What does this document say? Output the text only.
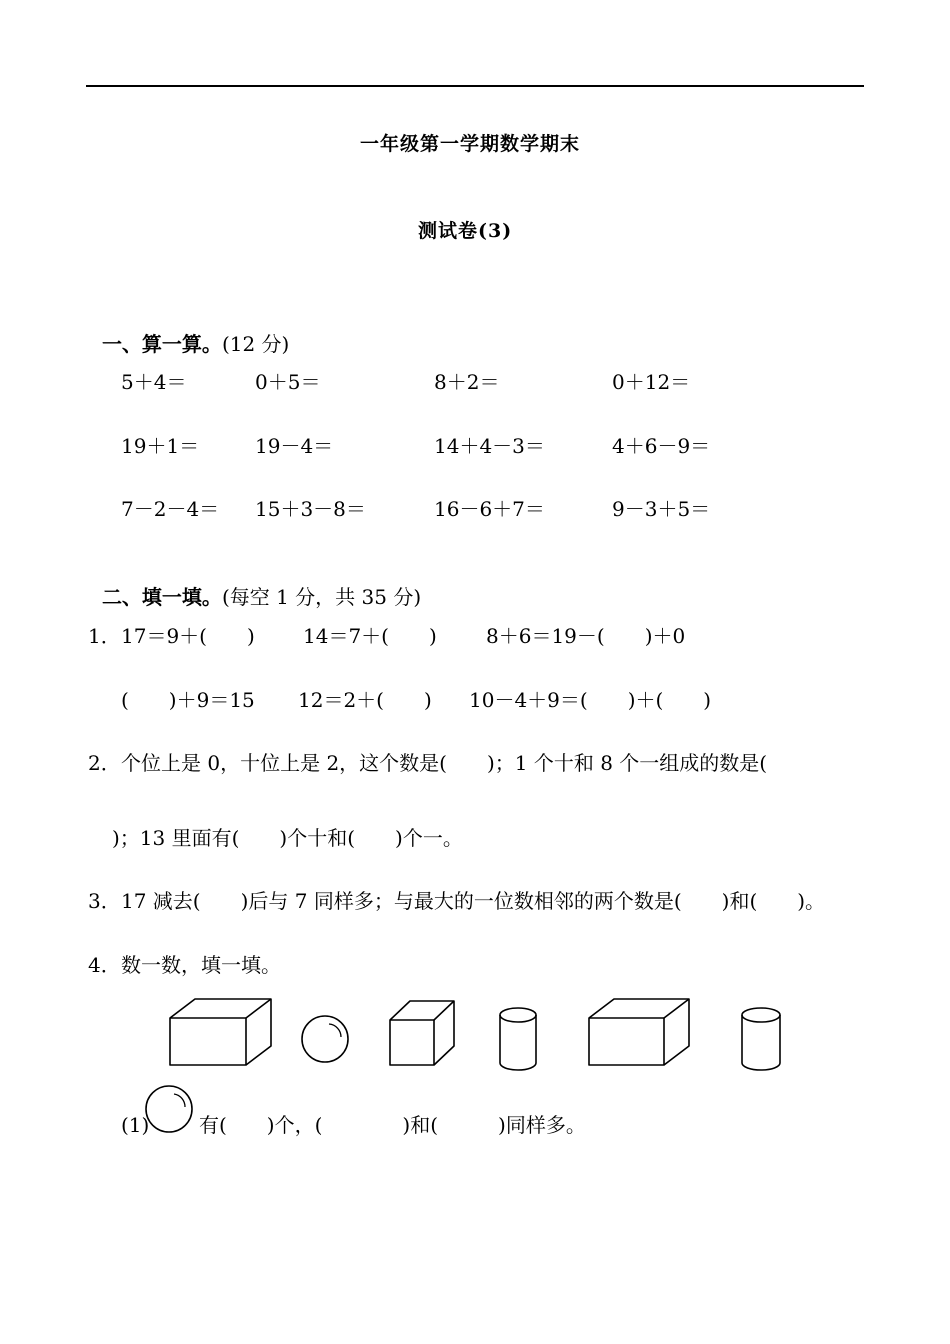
一年级第一学期数学期末
测试卷(3)

一、算一算。(12 分)

5＋4＝	0＋5＝	8＋2＝	0＋12＝
19＋1＝	19－4＝	14＋4－3＝	4＋6－9＝
7－2－4＝ 15＋3－8＝	16－6＋7＝	9－3＋5＝

二、填一填。(每空 1 分，共 35 分)

1． 17＝9＋(　　) 14＝7＋(　　) 8＋6＝19－(　　)＋0
(　　)＋9＝15 12＝2＋(　　) 10－4＋9＝(　　)＋(　　)
2． 个位上是 0，十位上是 2，这个数是(　　)；1 个十和 8 个一组成的数是(
)；13 里面有(　　)个十和(　　)个一。
3． 17 减去(　　)后与 7 同样多；与最大的一位数相邻的两个数是(　　)和(　　)。
4． 数一数，填一填。
(1) 有(　　)个，(　　　　)和(　　　)同样多。
